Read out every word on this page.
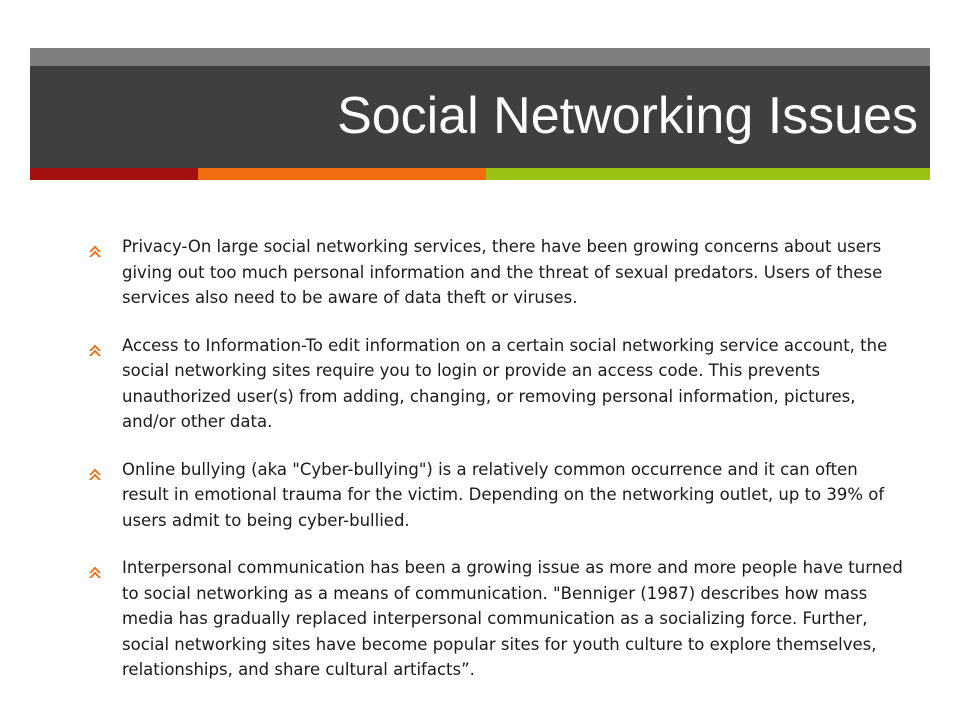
Social Networking Issues
Privacy-On large social networking services, there have been growing concerns about users giving out too much personal information and the threat of sexual predators. Users of these services also need to be aware of data theft or viruses.
Access to Information-To edit information on a certain social networking service account, the social networking sites require you to login or provide an access code. This prevents unauthorized user(s) from adding, changing, or removing personal information, pictures, and/or other data.
Online bullying (aka "Cyber-bullying") is a relatively common occurrence and it can often result in emotional trauma for the victim. Depending on the networking outlet, up to 39% of users admit to being cyber-bullied.
Interpersonal communication has been a growing issue as more and more people have turned to social networking as a means of communication. "Benniger (1987) describes how mass media has gradually replaced interpersonal communication as a socializing force. Further, social networking sites have become popular sites for youth culture to explore themselves, relationships, and share cultural artifacts”.
